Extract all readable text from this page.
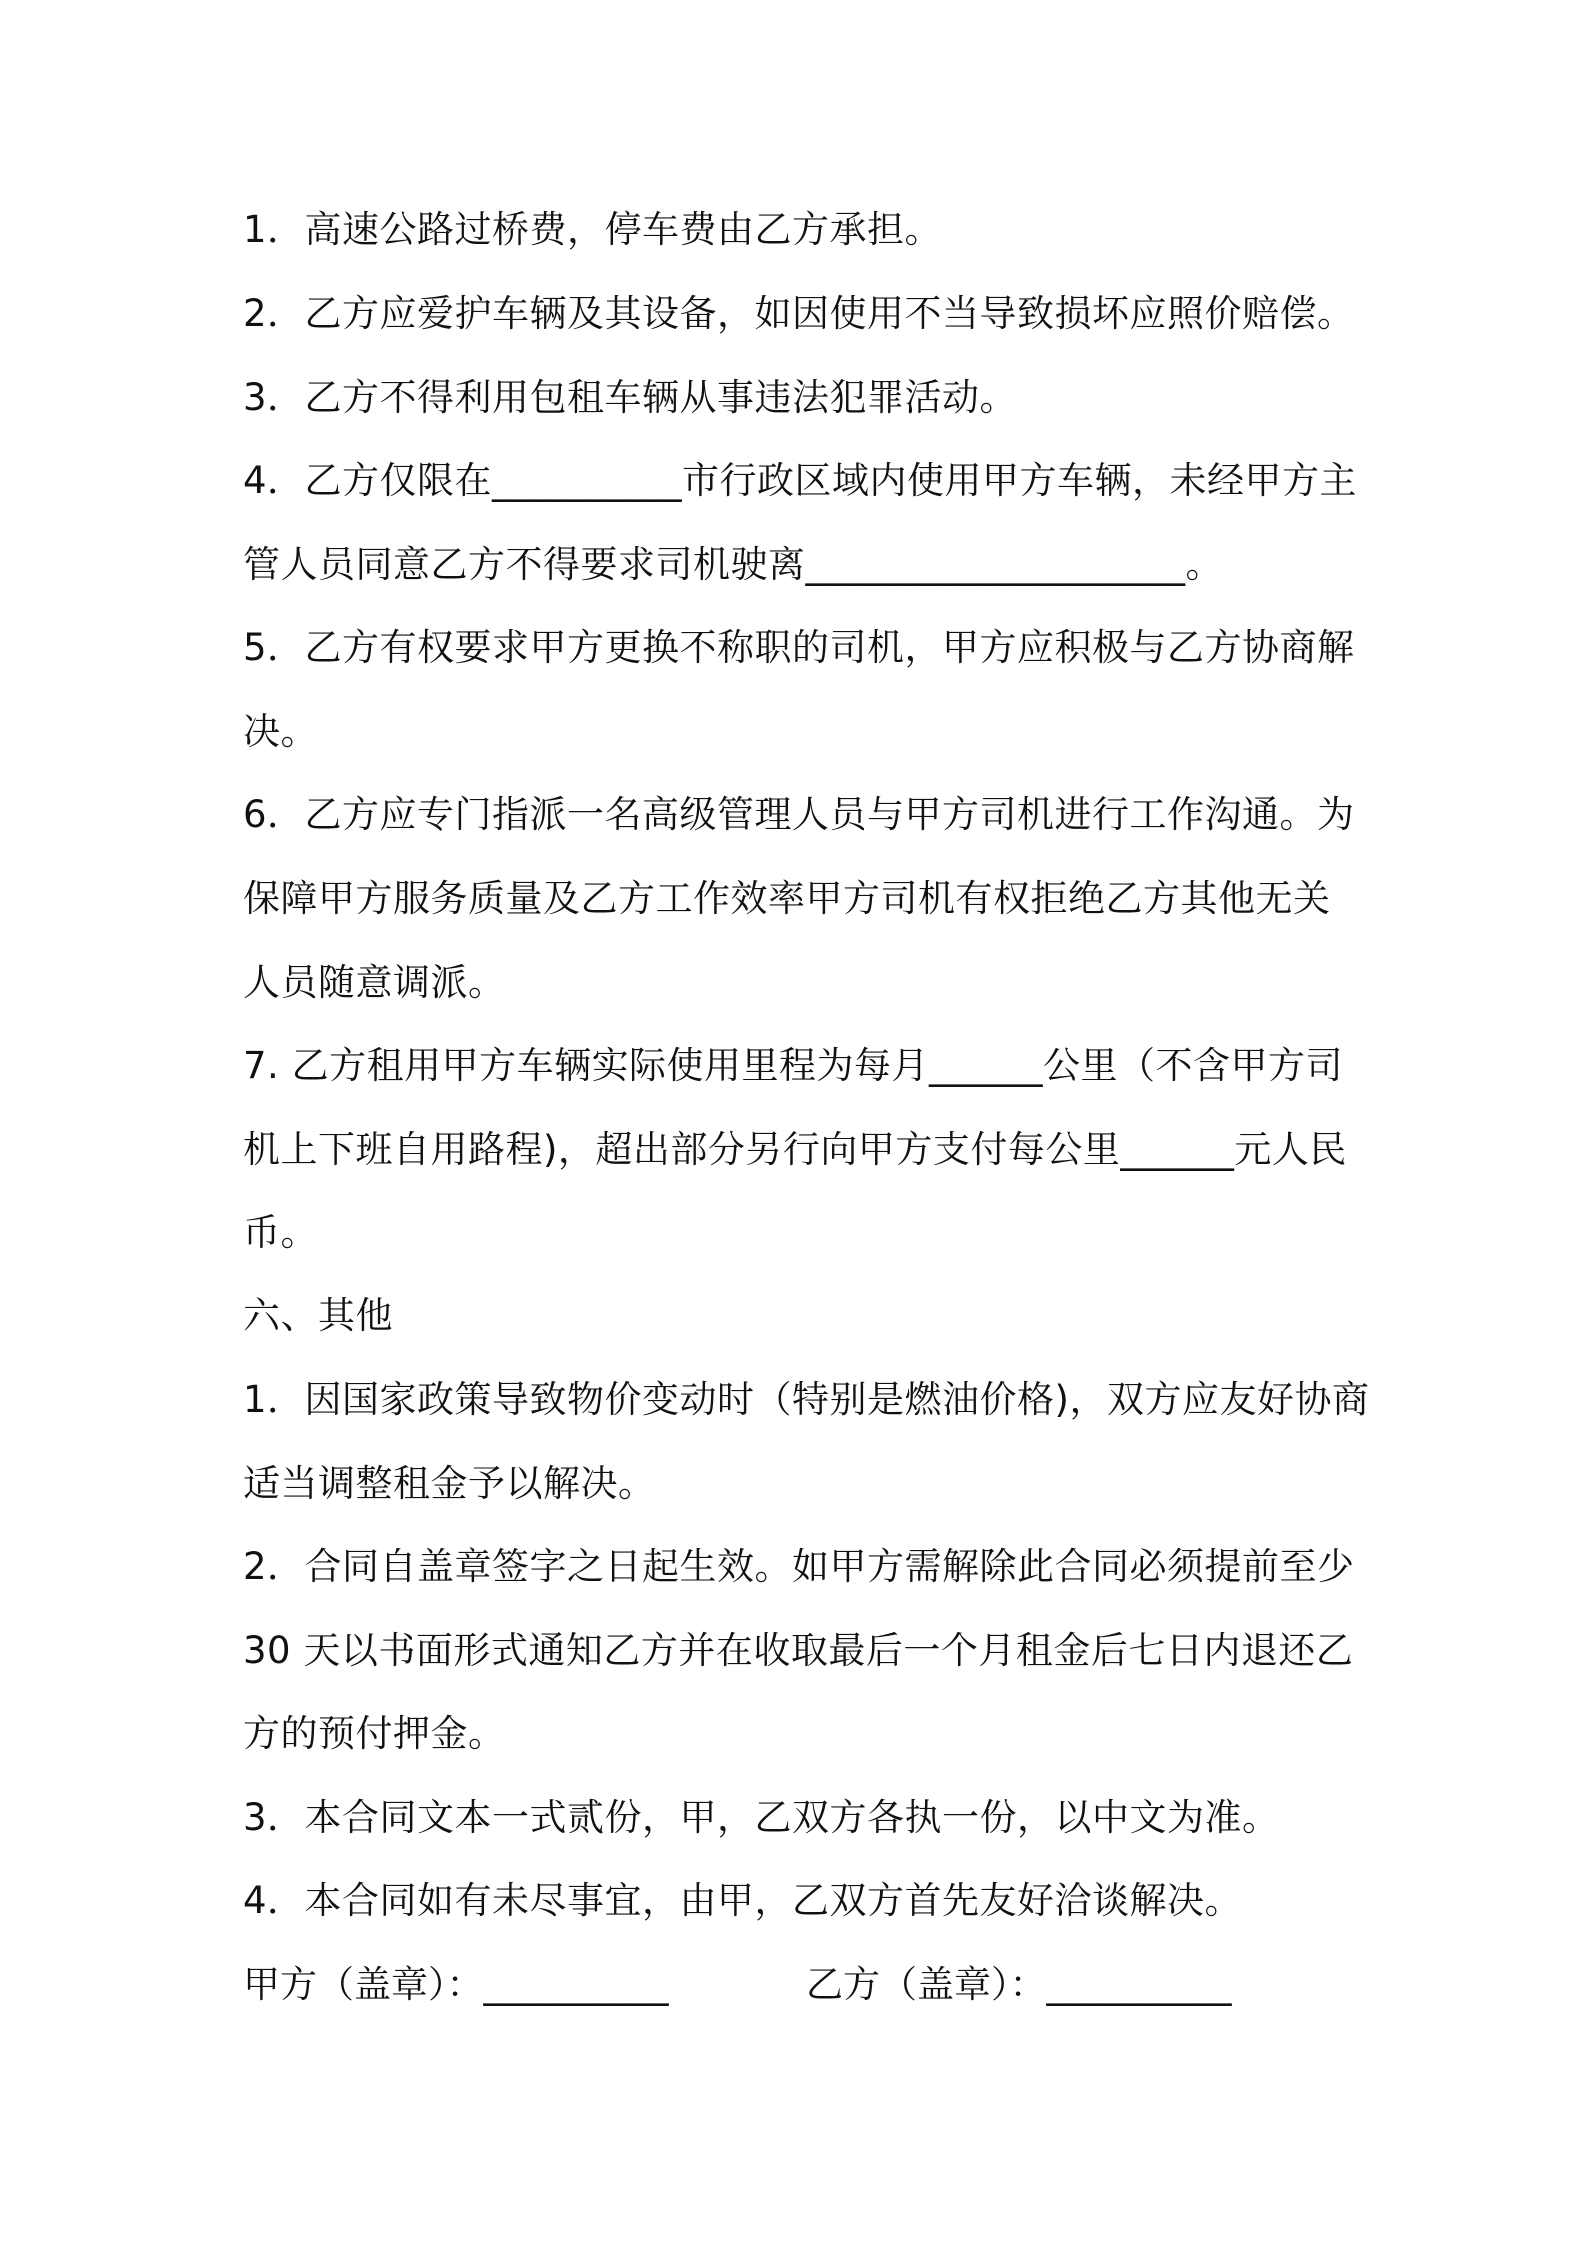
1．高速公路过桥费，停车费由乙方承担。
2．乙方应爱护车辆及其设备，如因使用不当导致损坏应照价赔偿。
3．乙方不得利用包租车辆从事违法犯罪活动。
4．乙方仅限在__________市行政区域内使用甲方车辆，未经甲方主
管人员同意乙方不得要求司机驶离____________________。
5．乙方有权要求甲方更换不称职的司机，甲方应积极与乙方协商解
决。
6．乙方应专门指派一名高级管理人员与甲方司机进行工作沟通。为
保障甲方服务质量及乙方工作效率甲方司机有权拒绝乙方其他无关
人员随意调派。
7. 乙方租用甲方车辆实际使用里程为每月______公里（不含甲方司
机上下班自用路程)，超出部分另行向甲方支付每公里______元人民
币。
六、其他
1．因国家政策导致物价变动时（特别是燃油价格)，双方应友好协商
适当调整租金予以解决。
2．合同自盖章签字之日起生效。如甲方需解除此合同必须提前至少
30 天以书面形式通知乙方并在收取最后一个月租金后七日内退还乙
方的预付押金。
3．本合同文本一式贰份，甲，乙双方各执一份，以中文为准。
4．本合同如有未尽事宜，由甲，乙双方首先友好洽谈解决。
甲方（盖章）：__________	乙方（盖章）：__________
